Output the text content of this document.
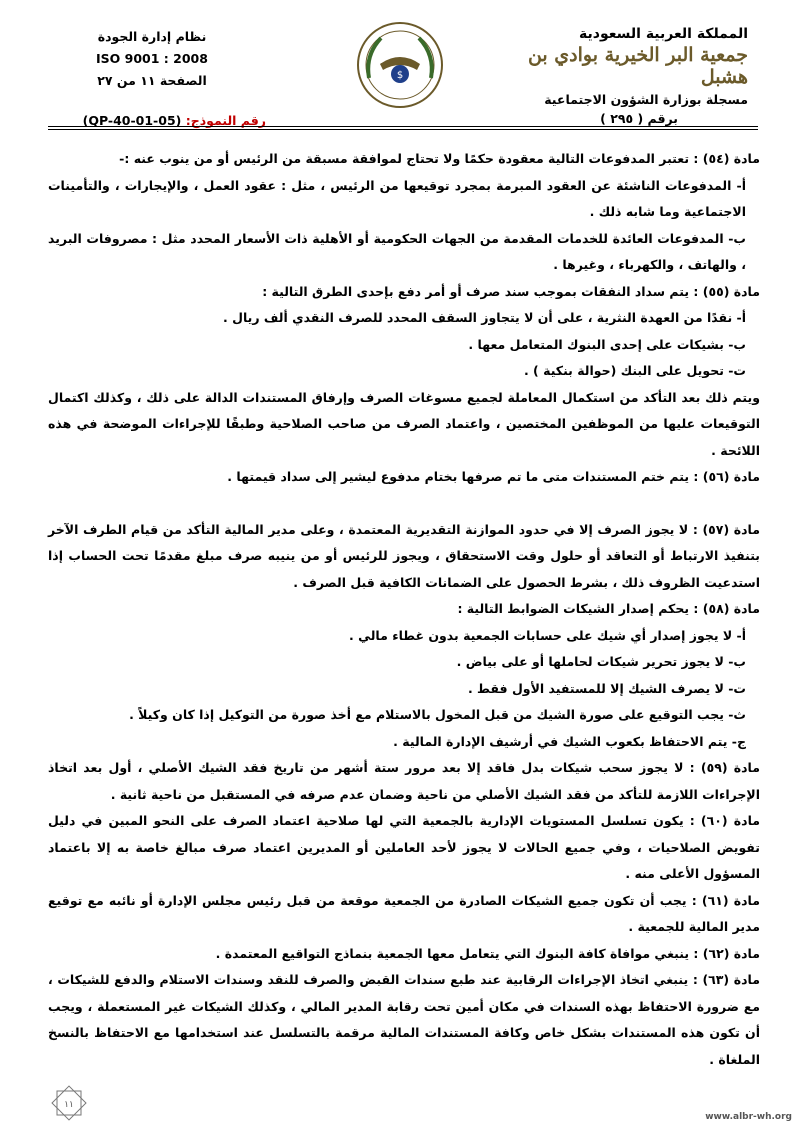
المملكة العربية السعودية
جمعية البر الخيرية بوادي بن هشبل
مسجلة بوزارة الشؤون الاجتماعية
برقم ( ٢٩٥ )
$
نظام إدارة الجودة
ISO 9001 : 2008
الصفحة ١١ من ٢٧
رقم النموذج: (QP-40-01-05)

مادة (٥٤) : تعتبر المدفوعات التالية معقودة حكمًا ولا تحتاج لموافقة مسبقة من الرئيس أو من ينوب عنه :-

أ- المدفوعات الناشئة عن العقود المبرمة بمجرد توقيعها من الرئيس ، مثل : عقود العمل ، والإيجارات ، والتأمينات الاجتماعية وما شابه ذلك .

ب- المدفوعات العائدة للخدمات المقدمة من الجهات الحكومية أو الأهلية ذات الأسعار المحدد مثل : مصروفات البريد ، والهاتف ، والكهرباء ، وغيرها .

مادة (٥٥) : يتم سداد النفقات بموجب سند صرف أو أمر دفع بإحدى الطرق التالية :

أ- نقدًا من العهدة النثرية ، على أن لا يتجاوز السقف المحدد للصرف النقدي ألف ريال .

ب- بشيكات على إحدى البنوك المتعامل معها .

ت- تحويل على البنك (حوالة بنكية ) .

ويتم ذلك بعد التأكد من استكمال المعاملة لجميع مسوغات الصرف وإرفاق المستندات الدالة على ذلك ، وكذلك اكتمال التوقيعات عليها من الموظفين المختصين ، واعتماد الصرف من صاحب الصلاحية وطبقًا للإجراءات الموضحة في هذه اللائحة .

مادة (٥٦) : يتم ختم المستندات متى ما تم صرفها بختام مدفوع ليشير إلى سداد قيمتها .

مادة (٥٧) : لا يجوز الصرف إلا في حدود الموازنة التقديرية المعتمدة ، وعلى مدير المالية التأكد من قيام الطرف الآخر بتنفيذ الارتباط أو التعاقد أو حلول وقت الاستحقاق ، ويجوز للرئيس أو من ينيبه صرف مبلغ مقدمًا تحت الحساب إذا استدعيت الظروف ذلك ، بشرط الحصول على الضمانات الكافية قبل الصرف .

مادة (٥٨) : يحكم إصدار الشيكات الضوابط التالية :

أ- لا يجوز إصدار أي شيك على حسابات الجمعية بدون غطاء مالي .

ب- لا يجوز تحرير شيكات لحاملها أو على بياض .

ت- لا يصرف الشيك إلا للمستفيد الأول فقط .

ث- يجب التوقيع على صورة الشيك من قبل المخول بالاستلام مع أخذ صورة من التوكيل إذا كان وكيلاً .

ج- يتم الاحتفاظ بكعوب الشيك في أرشيف الإدارة المالية .

مادة (٥٩) : لا يجوز سحب شيكات بدل فاقد إلا بعد مرور ستة أشهر من تاريخ فقد الشيك الأصلي ، أول بعد اتخاذ الإجراءات اللازمة للتأكد من فقد الشيك الأصلي من ناحية وضمان عدم صرفه في المستقبل من ناحية ثانية .

مادة (٦٠) : يكون تسلسل المستويات الإدارية بالجمعية التي لها صلاحية اعتماد الصرف على النحو المبين في دليل تفويض الصلاحيات ، وفي جميع الحالات لا يجوز لأحد العاملين أو المديرين اعتماد صرف مبالغ خاصة به إلا باعتماد المسؤول الأعلى منه .

مادة (٦١) : يجب أن تكون جميع الشيكات الصادرة من الجمعية موقعة من قبل رئيس مجلس الإدارة أو نائبه مع توقيع مدير المالية للجمعية .

مادة (٦٢) : ينبغي موافاة كافة البنوك التي يتعامل معها الجمعية بنماذج التواقيع المعتمدة .

مادة (٦٣) : ينبغي اتخاذ الإجراءات الرقابية عند طبع سندات القبض والصرف للنقد وسندات الاستلام والدفع للشيكات ، مع ضرورة الاحتفاظ بهذه السندات في مكان أمين تحت رقابة المدير المالي ، وكذلك الشيكات غير المستعملة ، ويجب أن تكون هذه المستندات بشكل خاص وكافة المستندات المالية مرقمة بالتسلسل عند استخدامها مع الاحتفاظ بالنسخ الملغاة .

١١
www.albr-wh.org
